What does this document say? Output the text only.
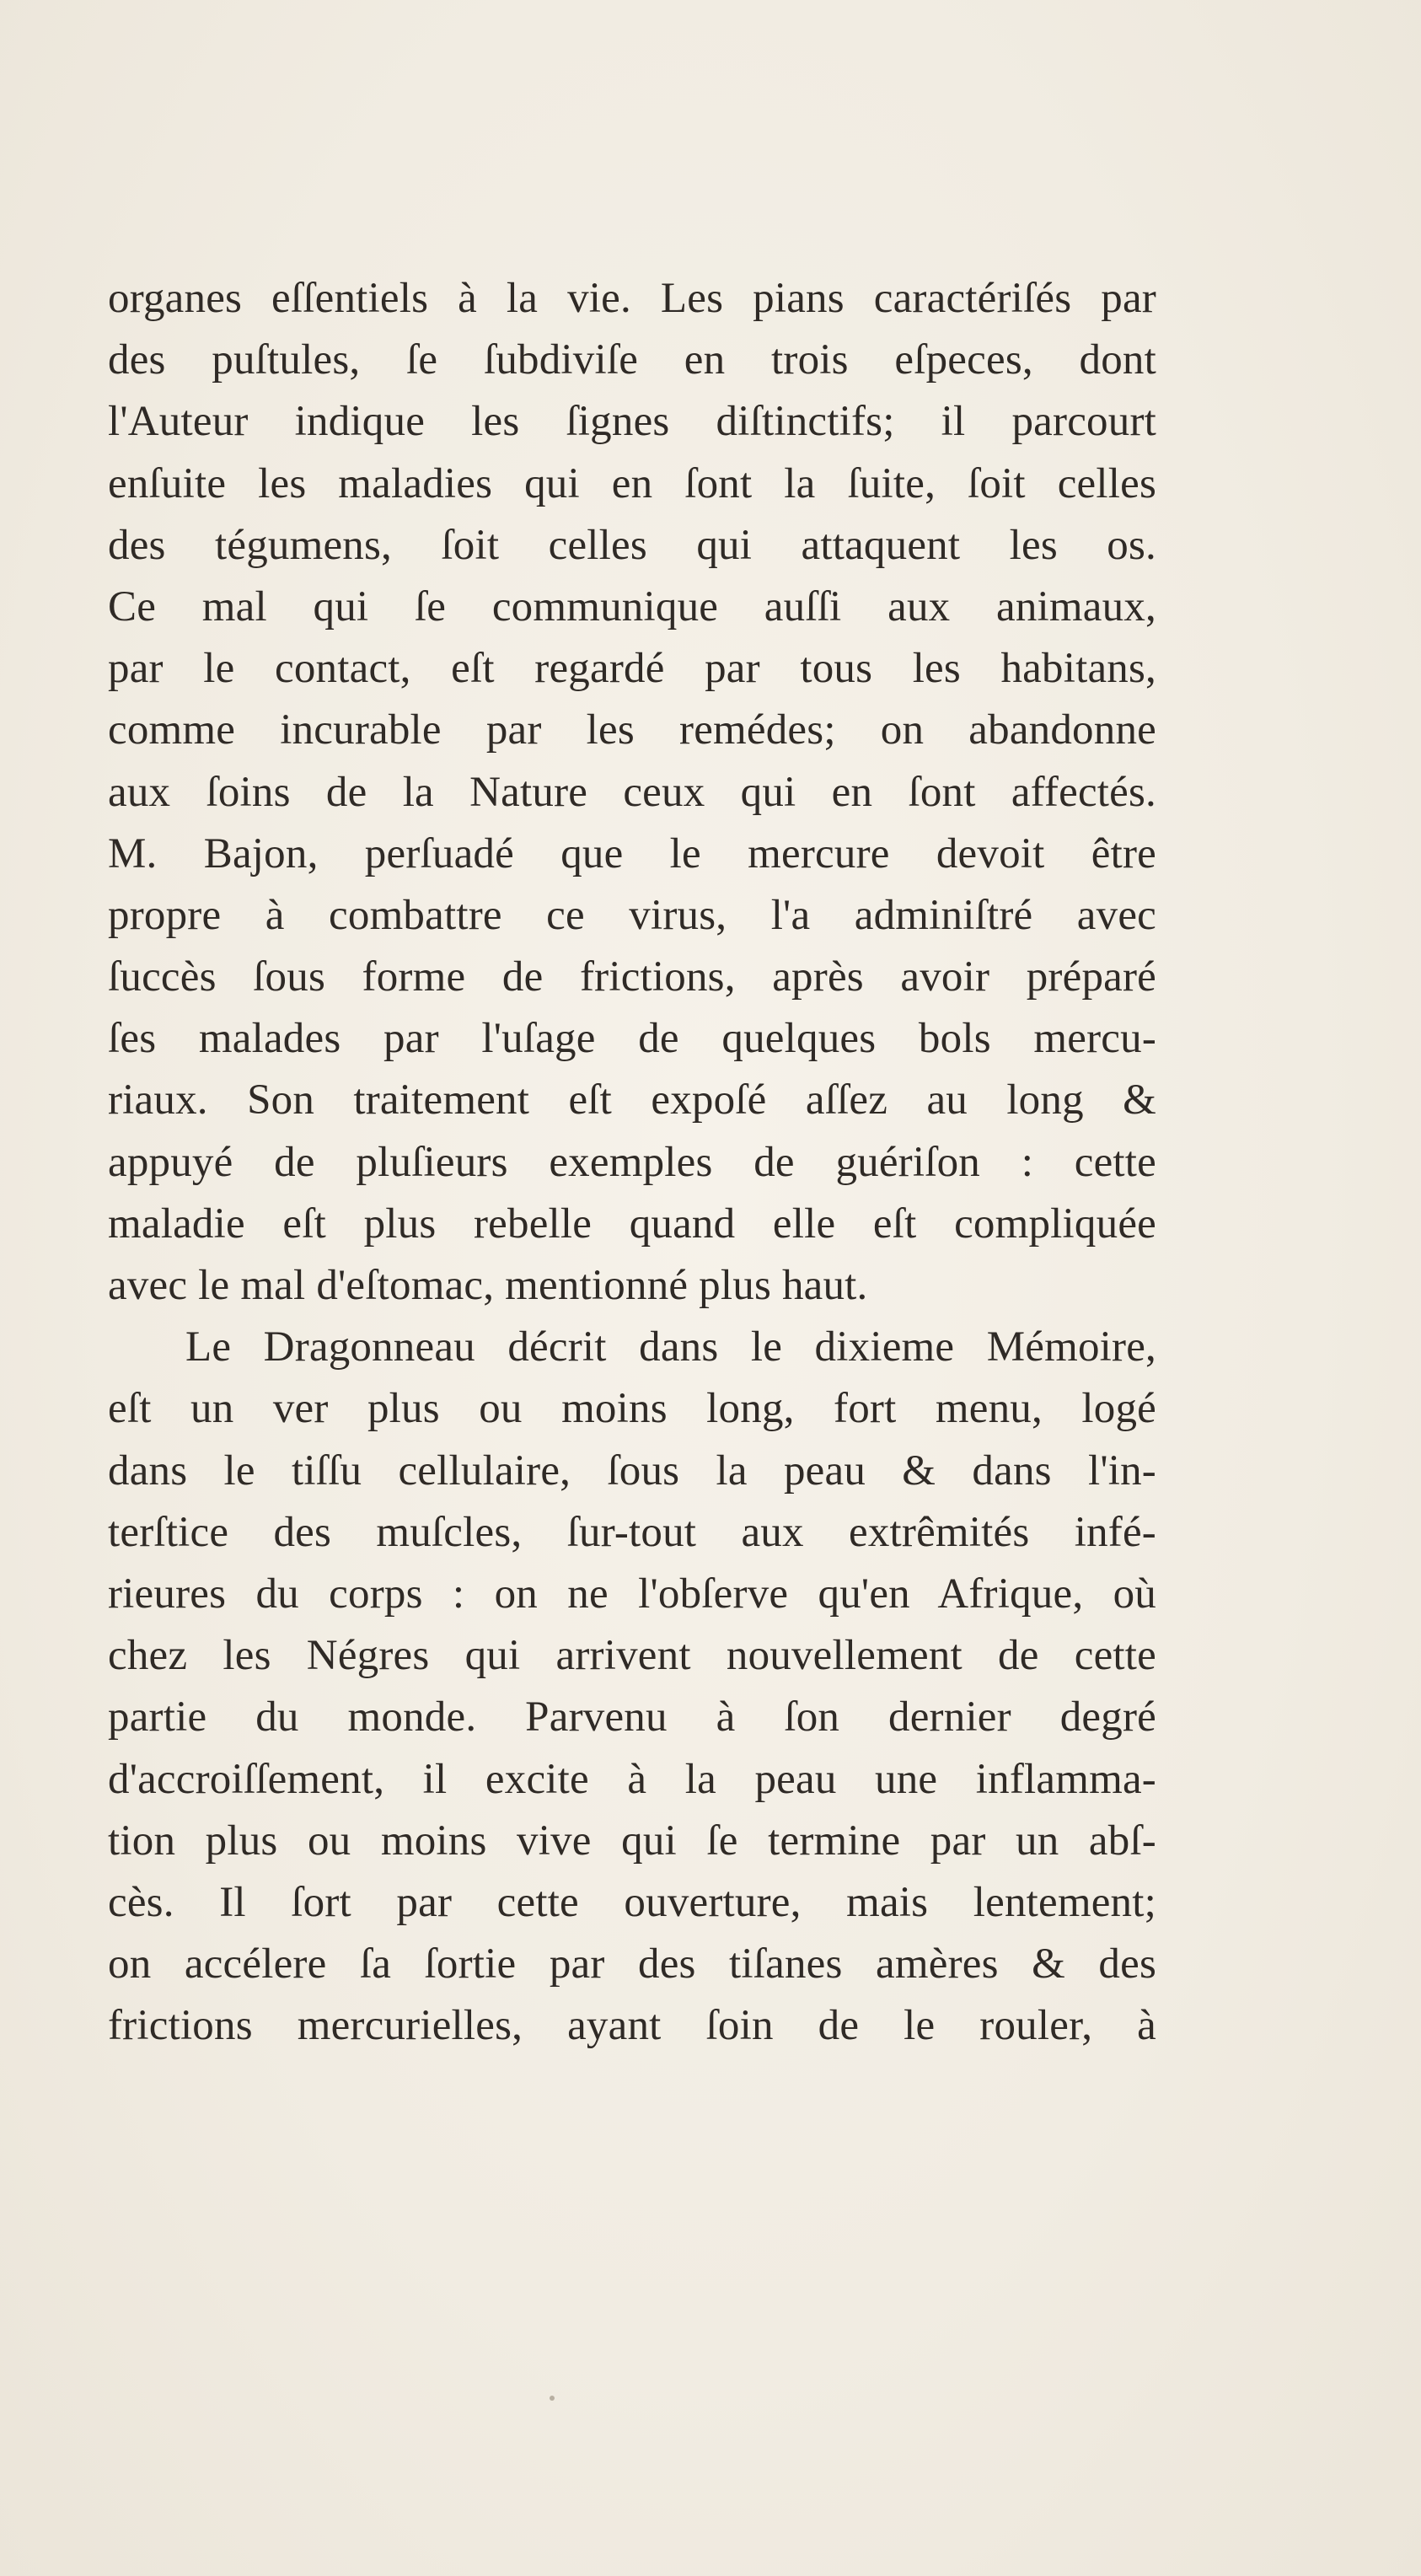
organes eſſentiels à la vie. Les pians caractériſés par
des puſtules, ſe ſubdiviſe en trois eſpeces, dont
l'Auteur indique les ſignes diſtinctifs; il parcourt
enſuite les maladies qui en ſont la ſuite, ſoit celles
des tégumens, ſoit celles qui attaquent les os.
Ce mal qui ſe communique auſſi aux animaux,
par le contact, eſt regardé par tous les habitans,
comme incurable par les remédes; on abandonne
aux ſoins de la Nature ceux qui en ſont affectés.
M. Bajon, perſuadé que le mercure devoit être
propre à combattre ce virus, l'a adminiſtré avec
ſuccès ſous forme de frictions, après avoir préparé
ſes malades par l'uſage de quelques bols mercu-
riaux. Son traitement eſt expoſé aſſez au long &
appuyé de pluſieurs exemples de guériſon : cette
maladie eſt plus rebelle quand elle eſt compliquée
avec le mal d'eſtomac, mentionné plus haut.
Le Dragonneau décrit dans le dixieme Mémoire,
eſt un ver plus ou moins long, fort menu, logé
dans le tiſſu cellulaire, ſous la peau & dans l'in-
terſtice des muſcles, ſur-tout aux extrêmités infé-
rieures du corps : on ne l'obſerve qu'en Afrique, où
chez les Négres qui arrivent nouvellement de cette
partie du monde. Parvenu à ſon dernier degré
d'accroiſſement, il excite à la peau une inflamma-
tion plus ou moins vive qui ſe termine par un abſ-
cès. Il ſort par cette ouverture, mais lentement;
on accélere ſa ſortie par des tiſanes amères & des
frictions mercurielles, ayant ſoin de le rouler, à
